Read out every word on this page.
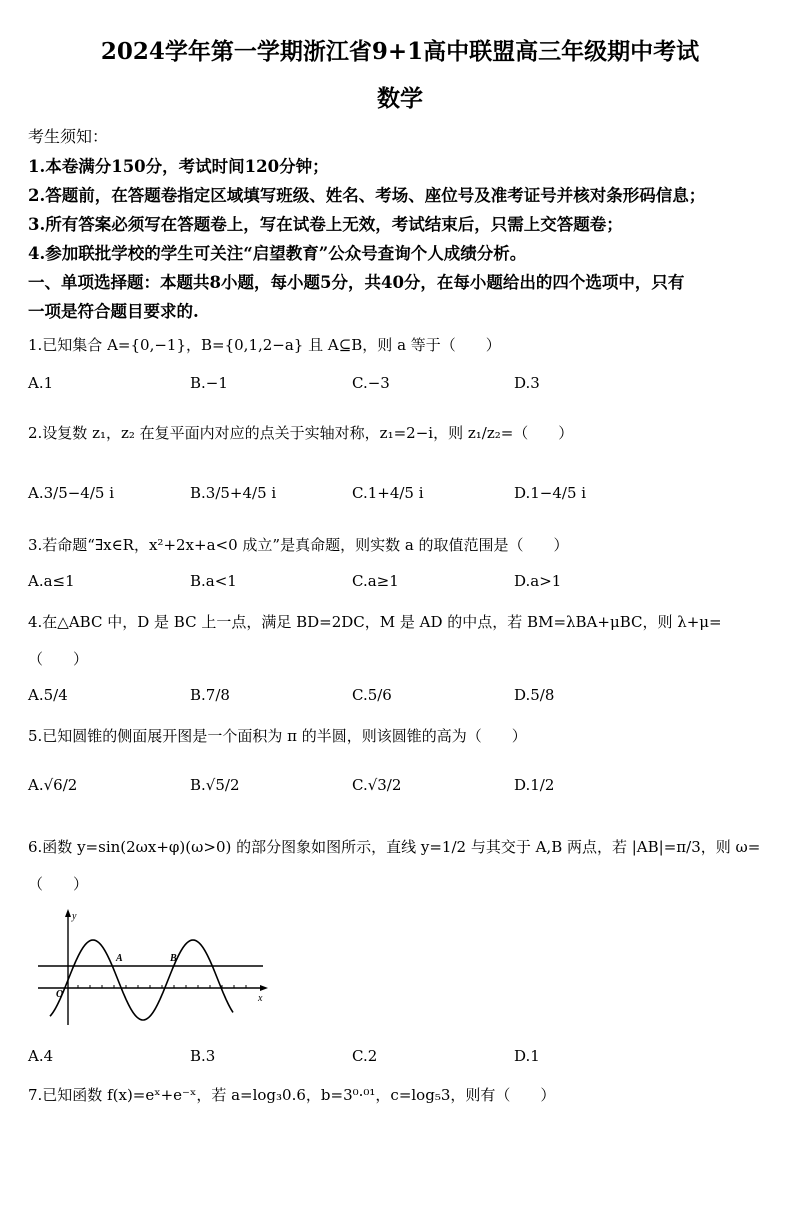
2024学年第一学期浙江省9+1高中联盟高三年级期中考试
数学
考生须知：
1.本卷满分150分，考试时间120分钟；
2.答题前，在答题卷指定区域填写班级、姓名、考场、座位号及准考证号并核对条形码信息；
3.所有答案必须写在答题卷上，写在试卷上无效，考试结束后，只需上交答题卷；
4.参加联批学校的学生可关注“启望教育”公众号查询个人成绩分析。
一、单项选择题：本题共8小题，每小题5分，共40分，在每小题给出的四个选项中，只有
一项是符合题目要求的.
1.已知集合 A={0,−1}，B={0,1,2−a} 且 A⊆B，则 a 等于（　　）
A.1	B.−1	C.−3	D.3
2.设复数 z₁，z₂ 在复平面内对应的点关于实轴对称，z₁=2−i，则 z₁/z₂=（　　）
A.3/5−4/5 i	B.3/5+4/5 i	C.1+4/5 i	D.1−4/5 i
3.若命题“∃x∈R，x²+2x+a<0 成立”是真命题，则实数 a 的取值范围是（　　）
A.a≤1	B.a<1	C.a≥1	D.a>1
4.在△ABC 中，D 是 BC 上一点，满足 BD=2DC，M 是 AD 的中点，若 BM=λBA+μBC，则 λ+μ=
（　　）
A.5/4	B.7/8	C.5/6	D.5/8
5.已知圆锥的侧面展开图是一个面积为 π 的半圆，则该圆锥的高为（　　）
A.√6/2	B.√5/2	C.√3/2	D.1/2
6.函数 y=sin(2ωx+φ)(ω>0) 的部分图象如图所示，直线 y=1/2 与其交于 A,B 两点，若 |AB|=π/3，则 ω=
（　　）
y
x
O
A	B
A.4	B.3	C.2	D.1
7.已知函数 f(x)=eˣ+e⁻ˣ，若 a=log₃0.6，b=3⁰·⁰¹，c=log₅3，则有（　　）
